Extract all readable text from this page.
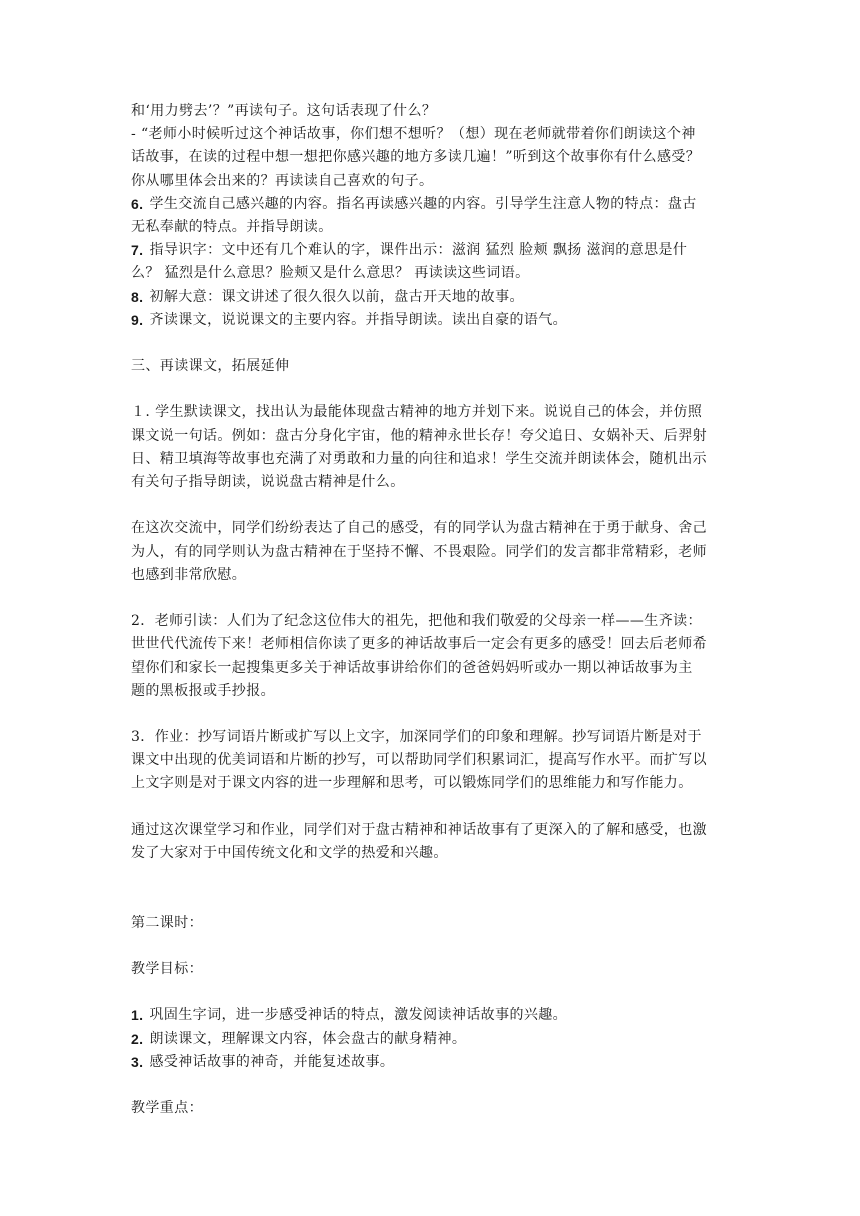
和‘用力劈去’？”再读句子。这句话表现了什么？
- “老师小时候听过这个神话故事，你们想不想听？（想）现在老师就带着你们朗读这个神
话故事，在读的过程中想一想把你感兴趣的地方多读几遍！”听到这个故事你有什么感受？
你从哪里体会出来的？再读读自己喜欢的句子。
6. 学生交流自己感兴趣的内容。指名再读感兴趣的内容。引导学生注意人物的特点：盘古
无私奉献的特点。并指导朗读。
7. 指导识字：文中还有几个难认的字，课件出示：滋润 猛烈 脸颊 飘扬 滋润的意思是什
么？ 猛烈是什么意思？脸颊又是什么意思？ 再读读这些词语。
8. 初解大意：课文讲述了很久很久以前，盘古开天地的故事。
9. 齐读课文，说说课文的主要内容。并指导朗读。读出自豪的语气。
三、再读课文，拓展延伸
１. 学生默读课文，找出认为最能体现盘古精神的地方并划下来。说说自己的体会，并仿照
课文说一句话。例如：盘古分身化宇宙，他的精神永世长存！夸父追日、女娲补天、后羿射
日、精卫填海等故事也充满了对勇敢和力量的向往和追求！学生交流并朗读体会，随机出示
有关句子指导朗读，说说盘古精神是什么。
在这次交流中，同学们纷纷表达了自己的感受，有的同学认为盘古精神在于勇于献身、舍己
为人，有的同学则认为盘古精神在于坚持不懈、不畏艰险。同学们的发言都非常精彩，老师
也感到非常欣慰。
2．老师引读：人们为了纪念这位伟大的祖先，把他和我们敬爱的父母亲一样——生齐读：
世世代代流传下来！老师相信你读了更多的神话故事后一定会有更多的感受！回去后老师希
望你们和家长一起搜集更多关于神话故事讲给你们的爸爸妈妈听或办一期以神话故事为主
题的黑板报或手抄报。
3．作业：抄写词语片断或扩写以上文字，加深同学们的印象和理解。抄写词语片断是对于
课文中出现的优美词语和片断的抄写，可以帮助同学们积累词汇，提高写作水平。而扩写以
上文字则是对于课文内容的进一步理解和思考，可以锻炼同学们的思维能力和写作能力。
通过这次课堂学习和作业，同学们对于盘古精神和神话故事有了更深入的了解和感受，也激
发了大家对于中国传统文化和文学的热爱和兴趣。
第二课时：
教学目标：
1. 巩固生字词，进一步感受神话的特点，激发阅读神话故事的兴趣。
2. 朗读课文，理解课文内容，体会盘古的献身精神。
3. 感受神话故事的神奇，并能复述故事。
教学重点：
